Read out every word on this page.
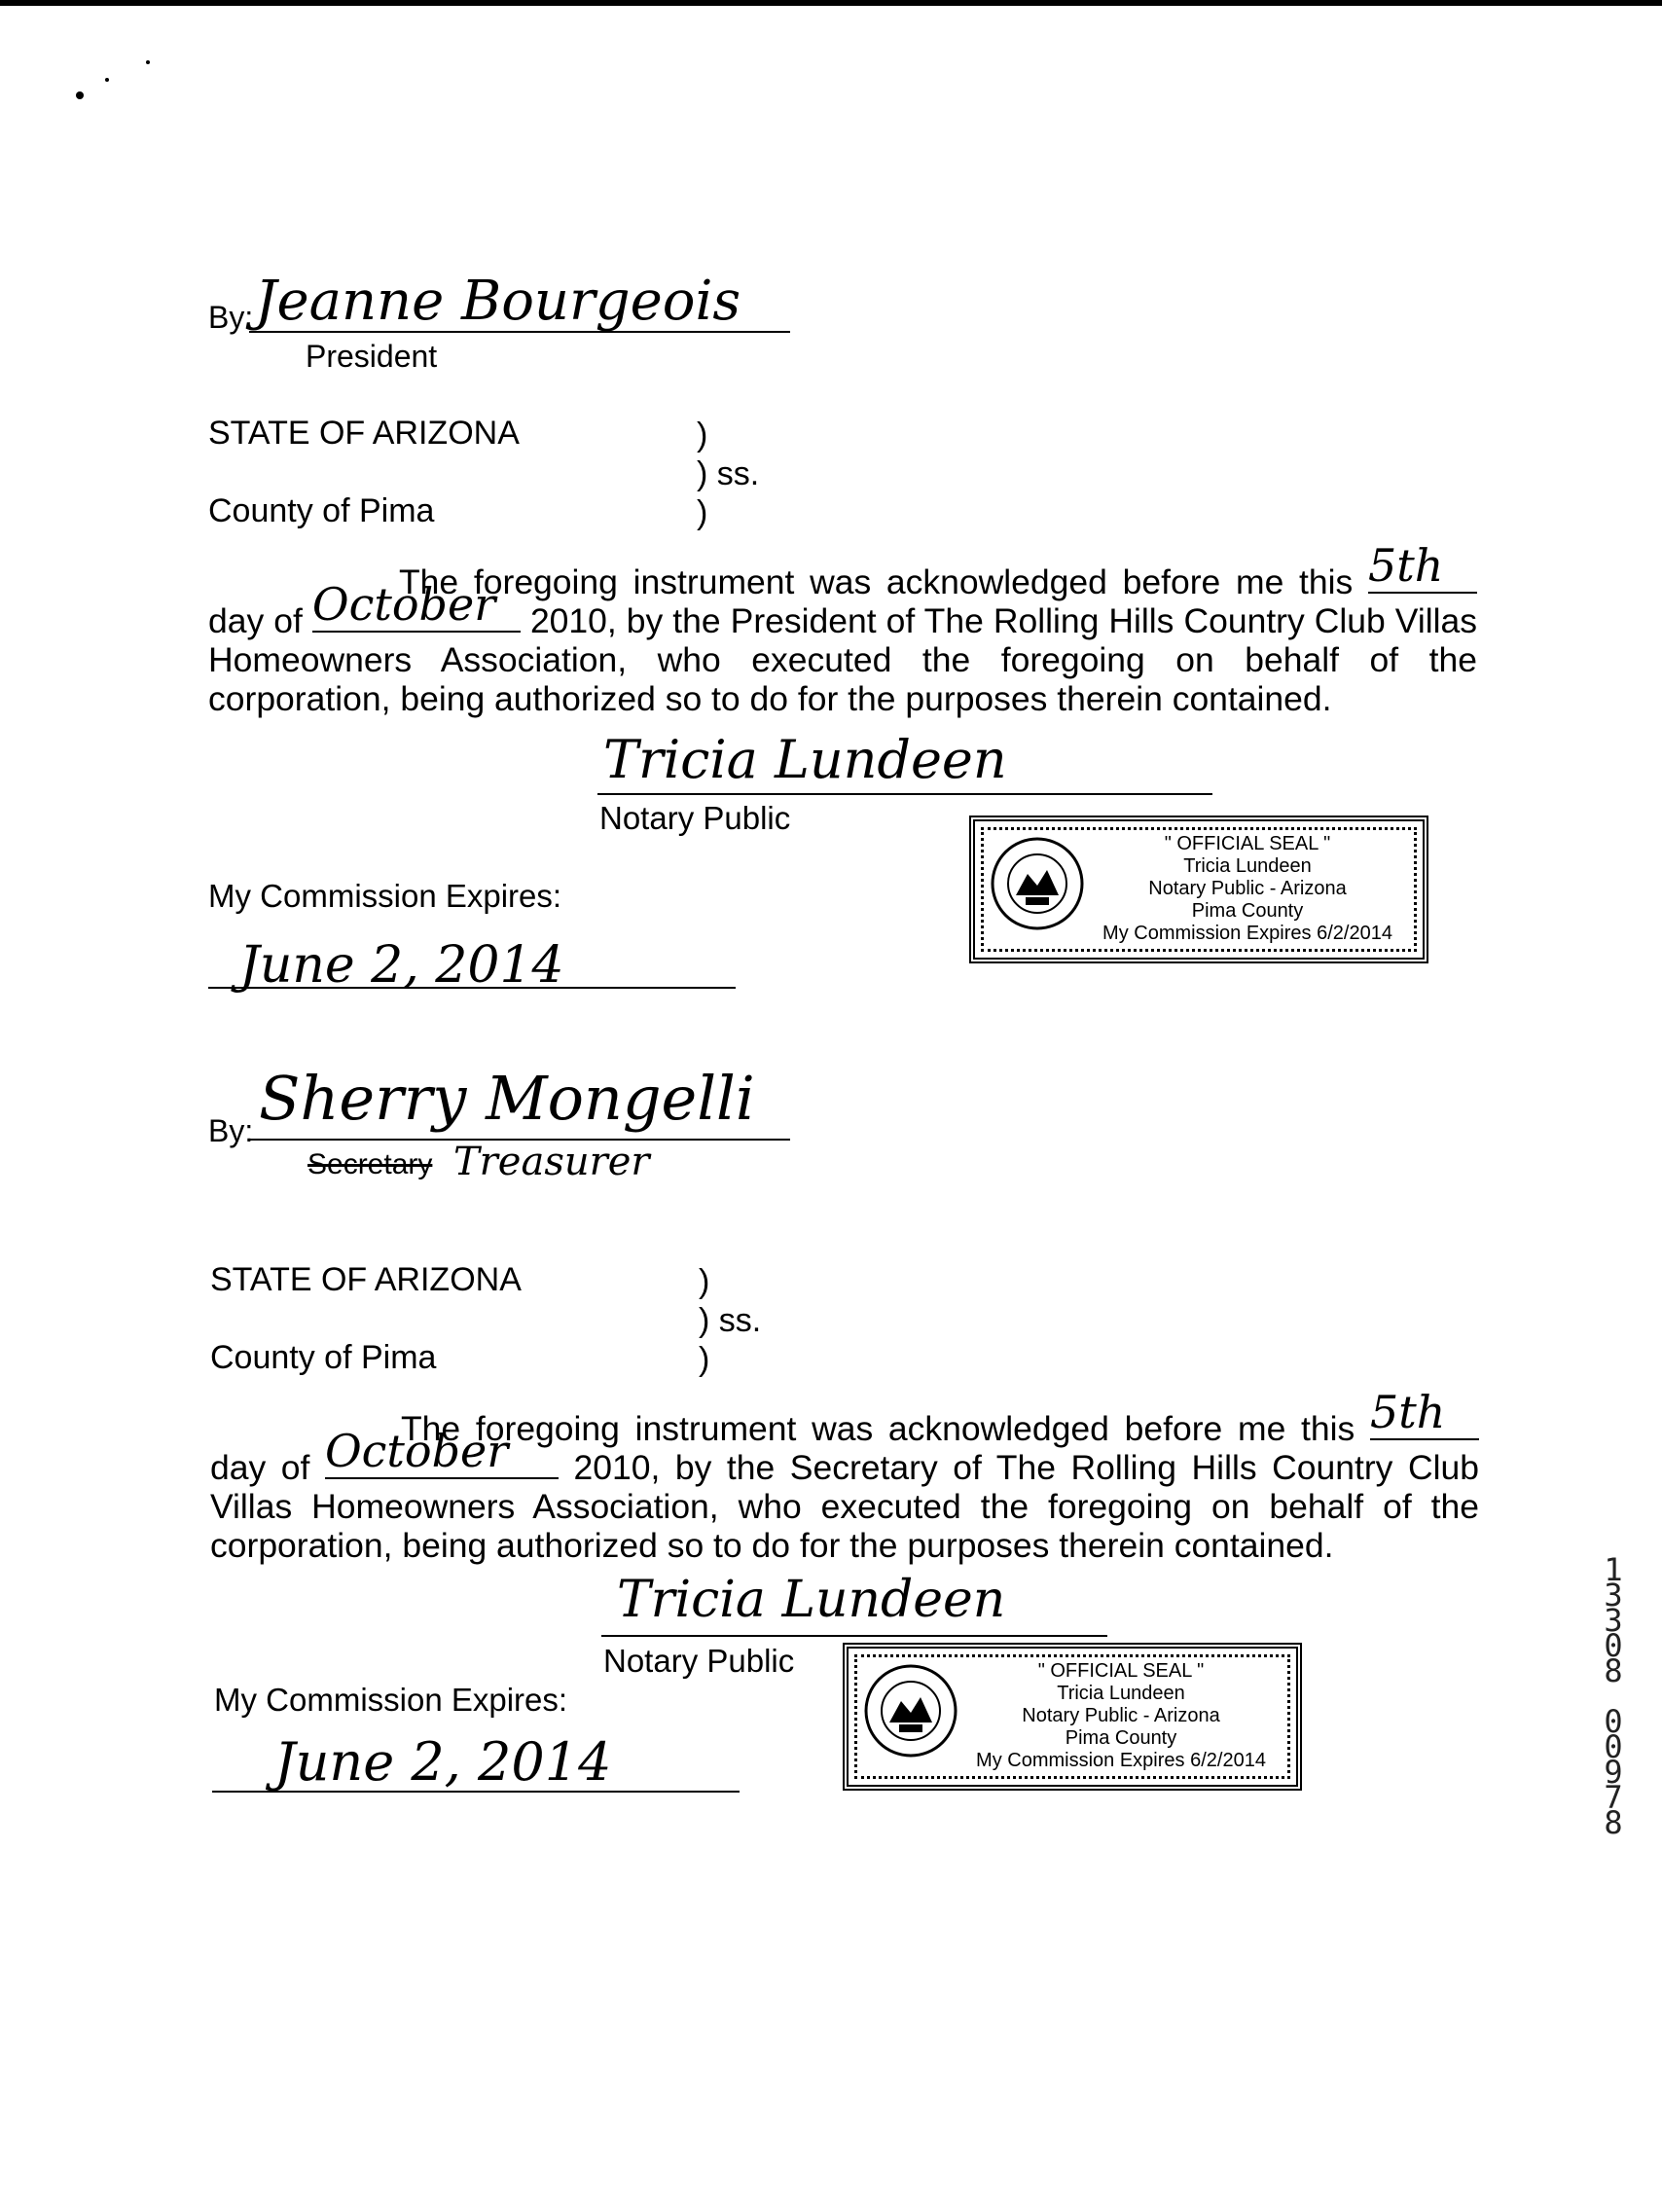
By: Jeanne Bourgeois
President
STATE OF ARIZONA	)
) ss.
)
County of Pima
The foregoing instrument was acknowledged before me this 5th
day of October	2010, by the President of The Rolling Hills Country Club Villas Homeowners Association, who executed the foregoing on behalf of the corporation, being authorized so to do for the purposes therein contained.
Tricia Lundeen
Notary Public
My Commission Expires:
June 2, 2014
" OFFICIAL SEAL "
Tricia Lundeen
Notary Public - Arizona
Pima County
My Commission Expires 6/2/2014
By: Sherry Mongelli
Secretary Treasurer
STATE OF ARIZONA	)
) ss.
)
County of Pima
The foregoing instrument was acknowledged before me this 5th
day of October	2010, by the Secretary of The Rolling Hills Country Club Villas Homeowners Association, who executed the foregoing on behalf of the corporation, being authorized so to do for the purposes therein contained.
Tricia Lundeen
Notary Public
My Commission Expires:
June 2, 2014
" OFFICIAL SEAL "
Tricia Lundeen
Notary Public - Arizona
Pima County
My Commission Expires 6/2/2014
1
3
3
0
8

0
0
9
7
8
